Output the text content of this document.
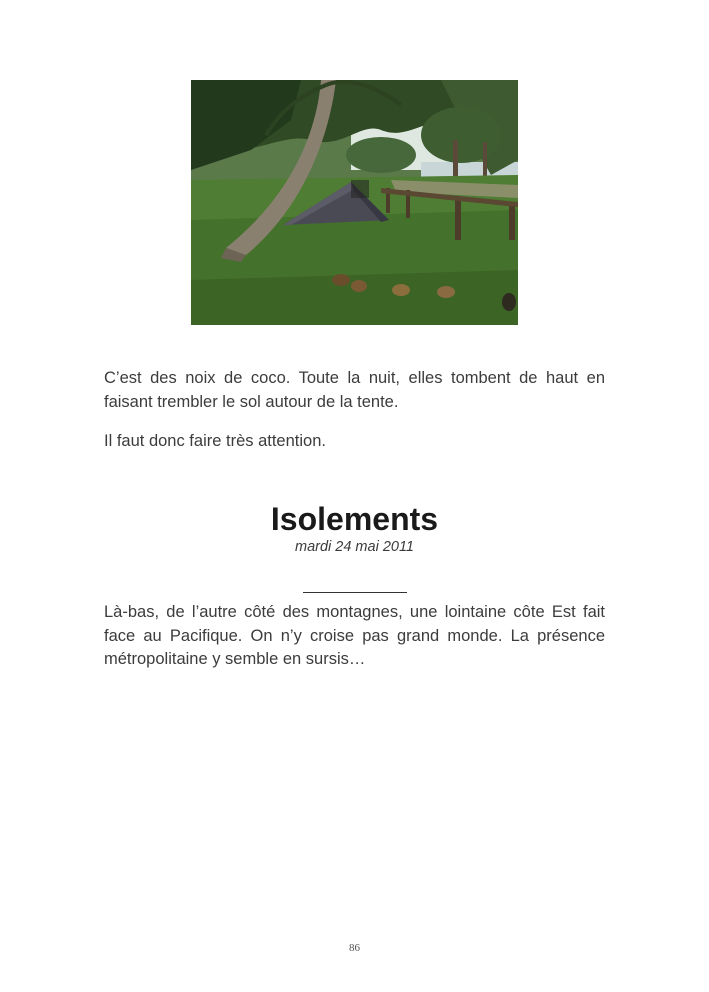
C’est des noix de coco. Toute la nuit, elles tombent de haut en faisant trembler le sol autour de la tente.

Il faut donc faire très attention.

Isolements
mardi 24 mai 2011

Là-bas, de l’autre côté des montagnes, une lointaine côte Est fait face au Pacifique. On n’y croise pas grand monde. La présence métropolitaine y semble en sursis…

86
